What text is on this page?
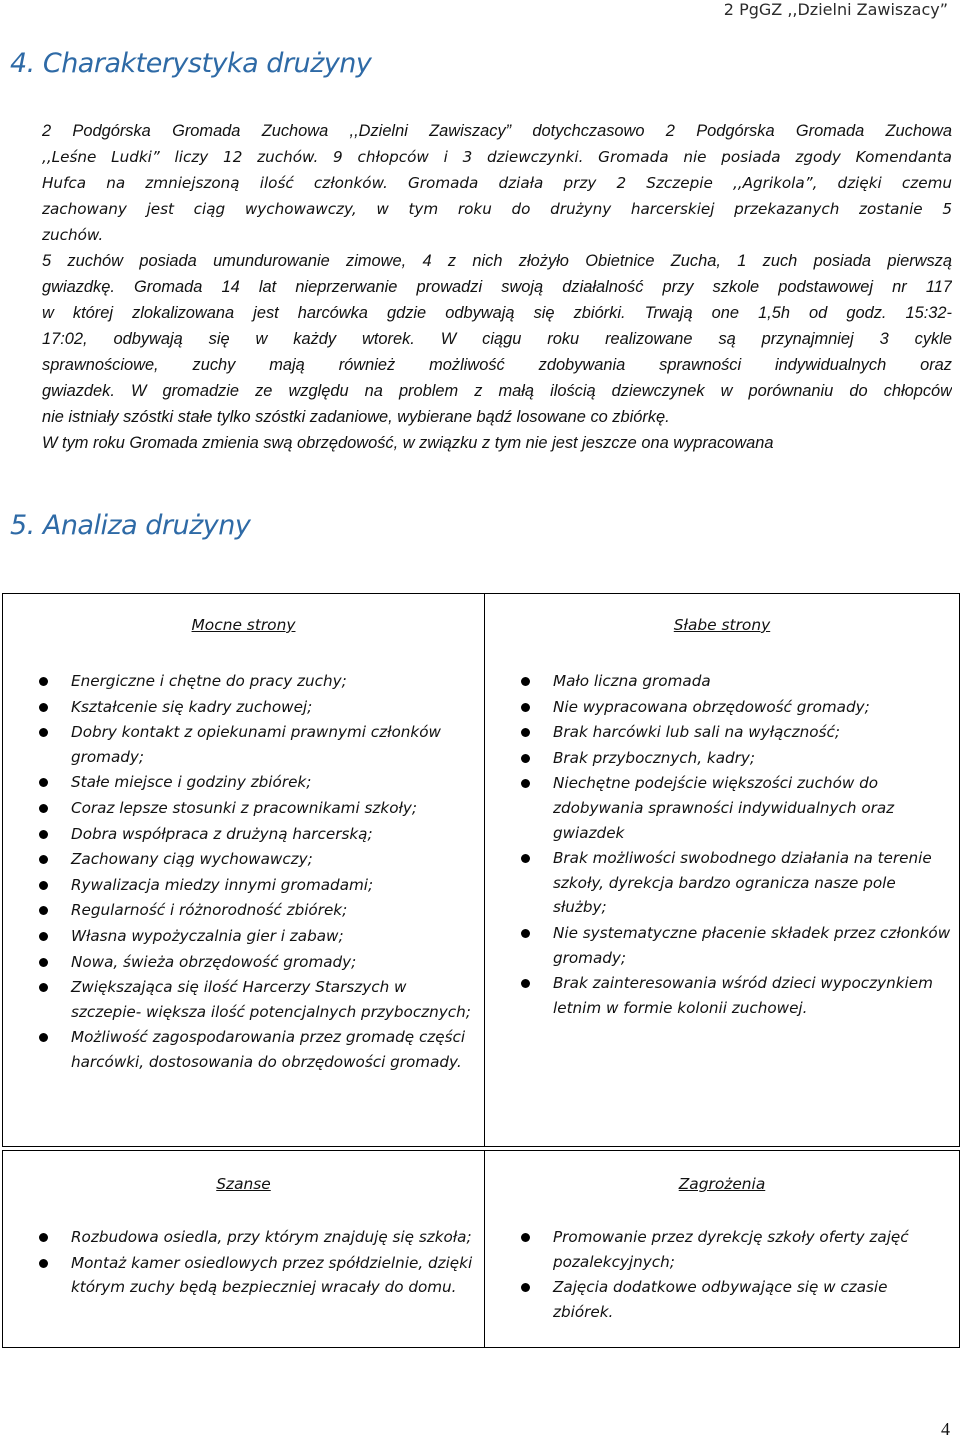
2 PgGZ ,,Dzielni Zawiszacy”
4. Charakterystyka drużyny
2 Podgórska Gromada Zuchowa ,,Dzielni Zawiszacy” dotychczasowo 2 Podgórska Gromada Zuchowa
,,Leśne Ludki” liczy 12 zuchów. 9 chłopców i 3 dziewczynki. Gromada nie posiada zgody Komendanta
Hufca na zmniejszoną ilość członków. Gromada działa przy 2 Szczepie ,,Agrikola”, dzięki czemu
zachowany jest ciąg wychowawczy, w tym roku do drużyny harcerskiej przekazanych zostanie 5
zuchów.
5 zuchów posiada umundurowanie zimowe, 4 z nich złożyło Obietnice Zucha, 1 zuch posiada pierwszą
gwiazdkę. Gromada 14 lat nieprzerwanie prowadzi swoją działalność przy szkole podstawowej nr 117
w której zlokalizowana jest harcówka gdzie odbywają się zbiórki. Trwają one 1,5h od godz. 15:32-
17:02, odbywają się w każdy wtorek. W ciągu roku realizowane są przynajmniej 3 cykle
sprawnościowe, zuchy mają również możliwość zdobywania sprawności indywidualnych oraz
gwiazdek. W gromadzie ze względu na problem z małą ilością dziewczynek w porównaniu do chłopców
nie istniały szóstki stałe tylko szóstki zadaniowe, wybierane bądź losowane co zbiórkę.
W tym roku Gromada zmienia swą obrzędowość, w związku z tym nie jest jeszcze ona wypracowana
5. Analiza drużyny
Mocne strony
Energiczne i chętne do pracy zuchy;
Kształcenie się kadry zuchowej;
Dobry kontakt z opiekunami prawnymi członków gromady;
Stałe miejsce i godziny zbiórek;
Coraz lepsze stosunki z pracownikami szkoły;
Dobra współpraca z drużyną harcerską;
Zachowany ciąg wychowawczy;
Rywalizacja miedzy innymi gromadami;
Regularność i różnorodność zbiórek;
Własna wypożyczalnia gier i zabaw;
Nowa, świeża obrzędowość gromady;
Zwiększająca się ilość Harcerzy Starszych w szczepie- większa ilość potencjalnych przybocznych;
Możliwość zagospodarowania przez gromadę części harcówki, dostosowania do obrzędowości gromady.
Słabe strony
Mało liczna gromada
Nie wypracowana obrzędowość gromady;
Brak harcówki lub sali na wyłączność;
Brak przybocznych, kadry;
Niechętne podejście większości zuchów do zdobywania sprawności indywidualnych oraz gwiazdek
Brak możliwości swobodnego działania na terenie szkoły, dyrekcja bardzo ogranicza nasze pole służby;
Nie systematyczne płacenie składek przez członków gromady;
Brak zainteresowania wśród dzieci wypoczynkiem letnim w formie kolonii zuchowej.
Szanse
Rozbudowa osiedla, przy którym znajduję się szkoła;
Montaż kamer osiedlowych przez spółdzielnie, dzięki którym zuchy będą bezpieczniej wracały do domu.
Zagrożenia
Promowanie przez dyrekcję szkoły oferty zajęć pozalekcyjnych;
Zajęcia dodatkowe odbywające się w czasie zbiórek.
4
